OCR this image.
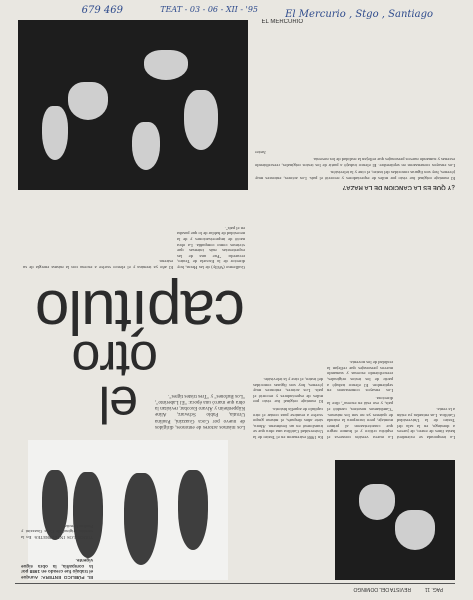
PAG. 11
REVISTA DEL DOMINGO
el
otro
capítulo
Los mismos actores de entonces, dirigidos de nuevo por Coca Guazzini, Paulina Urrutia, Pablo Schwarz, Aline Küppenheim y Álvaro Escobar, revisitan la obra que marcó una época: "El Laberinto", "Los Bufones" y "Tres tristes tigres".
EL PÚBLICO ENTERA: Aunque el trabajo fue creado en 1988 por la compañía, la obra sigue vigente.
TODOS LOS INTÉRPRETES: En la versión original de Coca Guazzini y Paulina Urrutia.
El año ya termina y el elenco vuelve a escena con la misma energía de su estreno.

Guillermo (Willy) de las Heras, hoy director de la Escuela de Teatro, recuerda: "Fue una de las experiencias más intensas que vivimos como compañía. La obra nació de improvisaciones y de la necesidad de hablar de lo que pasaba en el país".

En 1988 estrenaron en el Teatro de la Universidad Católica una obra que se transformó en un fenómeno. Ahora, siete años después, el mismo grupo vuelve a reunirse para contar el otro capítulo de aquella historia.

El montaje original fue visto por miles de espectadores y recorrió el país. Los actores, entonces muy jóvenes, hoy son figuras conocidas del teatro, el cine y la televisión.

La nueva versión conserva el espíritu crítico y el humor negro que caracterizaron al primer montaje, pero incorpora la mirada de quienes ya no son los mismos. "Cambiamos nosotros, cambió el país, y eso está en escena", dice la directora.

Los ensayos comenzaron en septiembre. El elenco trabajó a partir de los textos originales, reescribiendo escenas y sumando nuevos personajes que reflejan la realidad de los noventa.

La temporada se extenderá hasta fines de enero, de jueves a domingo, en la sala del Teatro de la Universidad Católica. Las entradas ya están a la venta.

¿Y QUÉ ES LA CANCIÓN DE LA RAZA?

El montaje original fue visto por miles de espectadores y recorrió el país. Los actores, entonces muy jóvenes, hoy son figuras conocidas del teatro, el cine y la televisión.

Los ensayos comenzaron en septiembre. El elenco trabajó a partir de los textos originales, reescribiendo escenas y sumando nuevos personajes que reflejan la realidad de los noventa.

Javier

El Mercurio , Stgo , Santiago
TEAT - 03 - 06 - XII - '95
679 469
EL MERCURIO
